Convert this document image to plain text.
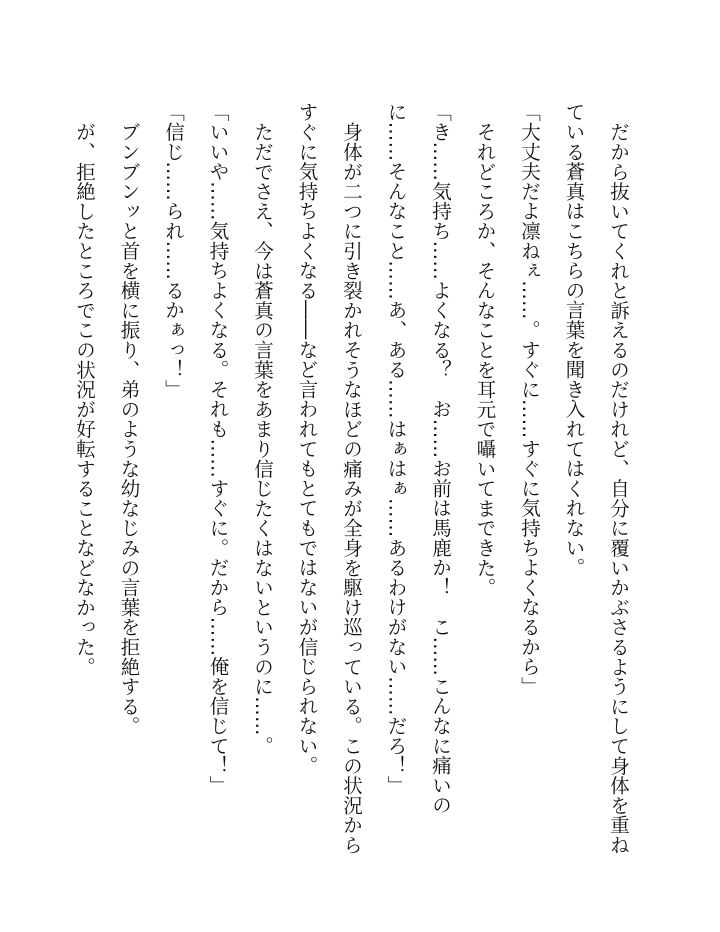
だから抜いてくれと訴えるのだけれど、自分に覆いかぶさるようにして身体を重ねている蒼真はこちらの言葉を聞き入れてはくれない。

「大丈夫だよ凛ねぇ……。すぐに……すぐに気持ちよくなるから」

それどころか、そんなことを耳元で囁いてまできた。

「き……気持ち……よくなる？　お……お前は馬鹿か！　こ……こんなに痛いのに……そんなこと……あ、ある……はぁはぁ……あるわけがない……だろ！」

身体が二つに引き裂かれそうなほどの痛みが全身を駆け巡っている。この状況からすぐに気持ちよくなる――など言われてもとてもではないが信じられない。

ただでさえ、今は蒼真の言葉をあまり信じたくはないというのに……。

「いいや……気持ちよくなる。それも……すぐに。だから……俺を信じて！」

「信じ……られ……るかぁっ！」

ブンブンッと首を横に振り、弟のような幼なじみの言葉を拒絶する。

が、拒絶したところでこの状況が好転することなどなかった。
